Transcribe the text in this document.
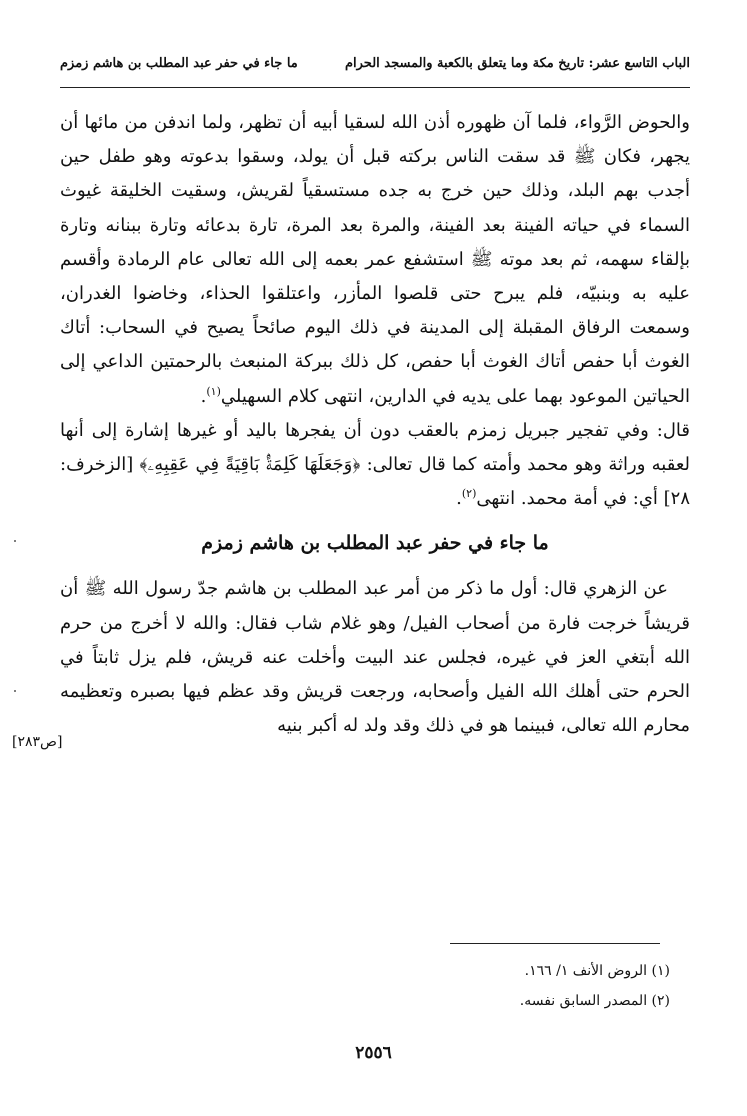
الباب التاسع عشر: تاريخ مكة وما يتعلق بالكعبة والمسجد الحرام
ما جاء في حفر عبد المطلب بن هاشم زمزم

والحوض الرَّواء، فلما آن ظهوره أذن الله لسقيا أبيه أن تظهر، ولما اندفن من مائها أن يجهر، فكان ﷺ قد سقت الناس بركته قبل أن يولد، وسقوا بدعوته وهو طفل حين أجدب بهم البلد، وذلك حين خرج به جده مستسقياً لقريش، وسقيت الخليقة غيوث السماء في حياته الفينة بعد الفينة، والمرة بعد المرة، تارة بدعائه وتارة ببنانه وتارة بإلقاء سهمه، ثم بعد موته ﷺ استشفع عمر بعمه إلى الله تعالى عام الرمادة وأقسم عليه به وبنبيّه، فلم يبرح حتى قلصوا المأزر، واعتلقوا الحذاء، وخاضوا الغدران، وسمعت الرفاق المقبلة إلى المدينة في ذلك اليوم صائحاً يصيح في السحاب: أتاك الغوث أبا حفص أتاك الغوث أبا حفص، كل ذلك ببركة المنبعث بالرحمتين الداعي إلى الحياتين الموعود بهما على يديه في الدارين، انتهى كلام السهيلي$^{(١)}$.

قال: وفي تفجير جبريل زمزم بالعقب دون أن يفجرها باليد أو غيرها إشارة إلى أنها لعقبه وراثة وهو محمد وأمته كما قال تعالى: ﴿وَجَعَلَهَا كَلِمَةًۢ بَاقِيَةً فِي عَقِبِهِۦ﴾ [الزخرف: ٢٨] أي: في أمة محمد. انتهى$^{(٢)}$.

ما جاء في حفر عبد المطلب بن هاشم زمزم

عن الزهري قال: أول ما ذكر من أمر عبد المطلب بن هاشم جدّ رسول الله ﷺ أن قريشاً خرجت فارة من أصحاب الفيل/ وهو غلام شاب فقال: والله لا أخرج من حرم الله أبتغي العز في غيره، فجلس عند البيت وأخلت عنه قريش، فلم يزل ثابتاً في الحرم حتى أهلك الله الفيل وأصحابه، ورجعت قريش وقد عظم فيها بصبره وتعظيمه محارم الله تعالى، فبينما هو في ذلك وقد ولد له أكبر بنيه

[ص٢٨٣]

(١) الروض الأنف ١/ ١٦٦.

(٢) المصدر السابق نفسه.

٢٥٥٦
